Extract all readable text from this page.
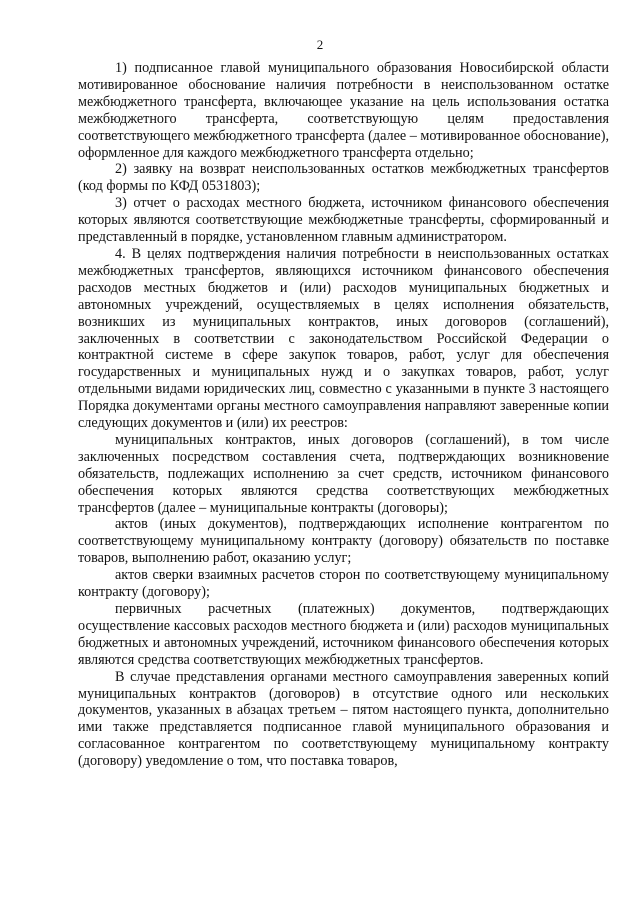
2

1) подписанное главой муниципального образования Новосибирской области мотивированное обоснование наличия потребности в неиспользованном остатке межбюджетного трансферта, включающее указание на цель использования остатка межбюджетного трансферта, соответствующую целям предоставления соответствующего межбюджетного трансферта (далее – мотивированное обоснование), оформленное для каждого межбюджетного трансферта отдельно;

2) заявку на возврат неиспользованных остатков межбюджетных трансфертов (код формы по КФД 0531803);

3) отчет о расходах местного бюджета, источником финансового обеспечения которых являются соответствующие межбюджетные трансферты, сформированный и представленный в порядке, установленном главным администратором.

4. В целях подтверждения наличия потребности в неиспользованных остатках межбюджетных трансфертов, являющихся источником финансового обеспечения расходов местных бюджетов и (или) расходов муниципальных бюджетных и автономных учреждений, осуществляемых в целях исполнения обязательств, возникших из муниципальных контрактов, иных договоров (соглашений), заключенных в соответствии с законодательством Российской Федерации о контрактной системе в сфере закупок товаров, работ, услуг для обеспечения государственных и муниципальных нужд и о закупках товаров, работ, услуг отдельными видами юридических лиц, совместно с указанными в пункте 3 настоящего Порядка документами органы местного самоуправления направляют заверенные копии следующих документов и (или) их реестров:

муниципальных контрактов, иных договоров (соглашений), в том числе заключенных посредством составления счета, подтверждающих возникновение обязательств, подлежащих исполнению за счет средств, источником финансового обеспечения которых являются средства соответствующих межбюджетных трансфертов (далее – муниципальные контракты (договоры);

актов (иных документов), подтверждающих исполнение контрагентом по соответствующему муниципальному контракту (договору) обязательств по поставке товаров, выполнению работ, оказанию услуг;

актов сверки взаимных расчетов сторон по соответствующему муниципальному контракту (договору);

первичных расчетных (платежных) документов, подтверждающих осуществление кассовых расходов местного бюджета и (или) расходов муниципальных бюджетных и автономных учреждений, источником финансового обеспечения которых являются средства соответствующих межбюджетных трансфертов.

В случае представления органами местного самоуправления заверенных копий муниципальных контрактов (договоров) в отсутствие одного или нескольких документов, указанных в абзацах третьем – пятом настоящего пункта, дополнительно ими также представляется подписанное главой муниципального образования и согласованное контрагентом по соответствующему муниципальному контракту (договору) уведомление о том, что поставка товаров,
